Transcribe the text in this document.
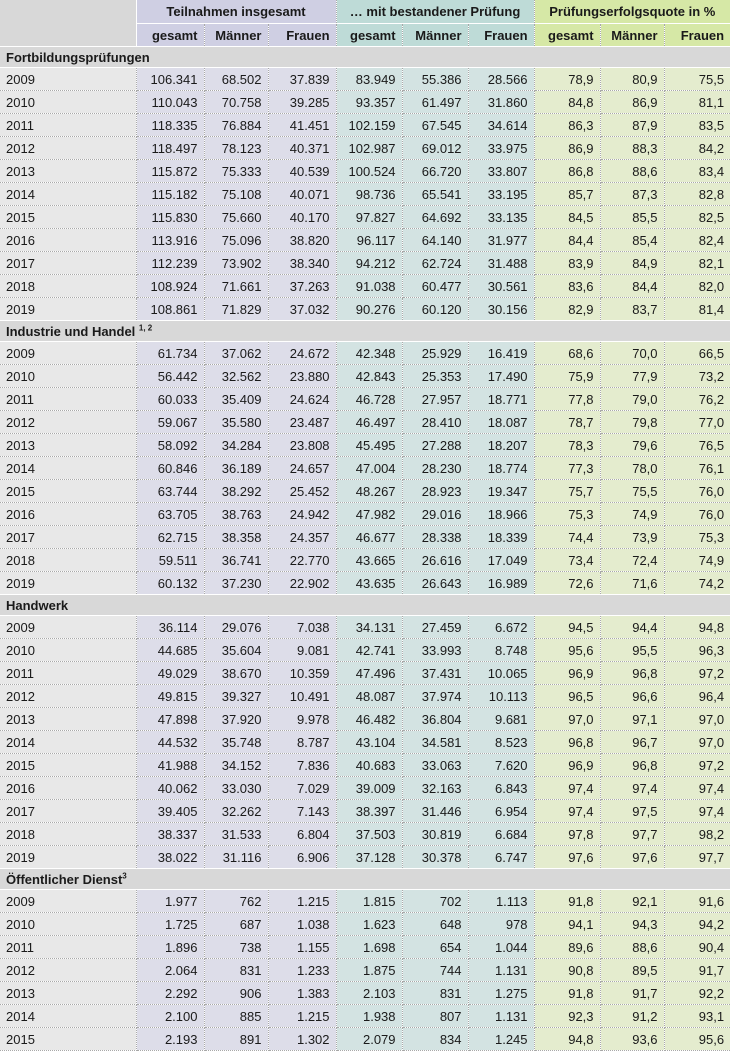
	Teilnahmen insgesamt			… mit bestandener Prüfung			Prüfungserfolgsquote in %		
	gesamt	Männer	Frauen	gesamt	Männer	Frauen	gesamt	Männer	Frauen
Fortbildungsprüfungen									
2009	106.341	68.502	37.839	83.949	55.386	28.566	78,9	80,9	75,5
2010	110.043	70.758	39.285	93.357	61.497	31.860	84,8	86,9	81,1
2011	118.335	76.884	41.451	102.159	67.545	34.614	86,3	87,9	83,5
2012	118.497	78.123	40.371	102.987	69.012	33.975	86,9	88,3	84,2
2013	115.872	75.333	40.539	100.524	66.720	33.807	86,8	88,6	83,4
2014	115.182	75.108	40.071	98.736	65.541	33.195	85,7	87,3	82,8
2015	115.830	75.660	40.170	97.827	64.692	33.135	84,5	85,5	82,5
2016	113.916	75.096	38.820	96.117	64.140	31.977	84,4	85,4	82,4
2017	112.239	73.902	38.340	94.212	62.724	31.488	83,9	84,9	82,1
2018	108.924	71.661	37.263	91.038	60.477	30.561	83,6	84,4	82,0
2019	108.861	71.829	37.032	90.276	60.120	30.156	82,9	83,7	81,4
Industrie und Handel $^{1, 2}$
2009	61.734	37.062	24.672	42.348	25.929	16.419	68,6	70,0	66,5
2010	56.442	32.562	23.880	42.843	25.353	17.490	75,9	77,9	73,2
2011	60.033	35.409	24.624	46.728	27.957	18.771	77,8	79,0	76,2
2012	59.067	35.580	23.487	46.497	28.410	18.087	78,7	79,8	77,0
2013	58.092	34.284	23.808	45.495	27.288	18.207	78,3	79,6	76,5
2014	60.846	36.189	24.657	47.004	28.230	18.774	77,3	78,0	76,1
2015	63.744	38.292	25.452	48.267	28.923	19.347	75,7	75,5	76,0
2016	63.705	38.763	24.942	47.982	29.016	18.966	75,3	74,9	76,0
2017	62.715	38.358	24.357	46.677	28.338	18.339	74,4	73,9	75,3
2018	59.511	36.741	22.770	43.665	26.616	17.049	73,4	72,4	74,9
2019	60.132	37.230	22.902	43.635	26.643	16.989	72,6	71,6	74,2
Handwerk									
2009	36.114	29.076	7.038	34.131	27.459	6.672	94,5	94,4	94,8
2010	44.685	35.604	9.081	42.741	33.993	8.748	95,6	95,5	96,3
2011	49.029	38.670	10.359	47.496	37.431	10.065	96,9	96,8	97,2
2012	49.815	39.327	10.491	48.087	37.974	10.113	96,5	96,6	96,4
2013	47.898	37.920	9.978	46.482	36.804	9.681	97,0	97,1	97,0
2014	44.532	35.748	8.787	43.104	34.581	8.523	96,8	96,7	97,0
2015	41.988	34.152	7.836	40.683	33.063	7.620	96,9	96,8	97,2
2016	40.062	33.030	7.029	39.009	32.163	6.843	97,4	97,4	97,4
2017	39.405	32.262	7.143	38.397	31.446	6.954	97,4	97,5	97,4
2018	38.337	31.533	6.804	37.503	30.819	6.684	97,8	97,7	98,2
2019	38.022	31.116	6.906	37.128	30.378	6.747	97,6	97,6	97,7
Öffentlicher Dienst$^3$
2009	1.977	762	1.215	1.815	702	1.113	91,8	92,1	91,6
2010	1.725	687	1.038	1.623	648	978	94,1	94,3	94,2
2011	1.896	738	1.155	1.698	654	1.044	89,6	88,6	90,4
2012	2.064	831	1.233	1.875	744	1.131	90,8	89,5	91,7
2013	2.292	906	1.383	2.103	831	1.275	91,8	91,7	92,2
2014	2.100	885	1.215	1.938	807	1.131	92,3	91,2	93,1
2015	2.193	891	1.302	2.079	834	1.245	94,8	93,6	95,6
